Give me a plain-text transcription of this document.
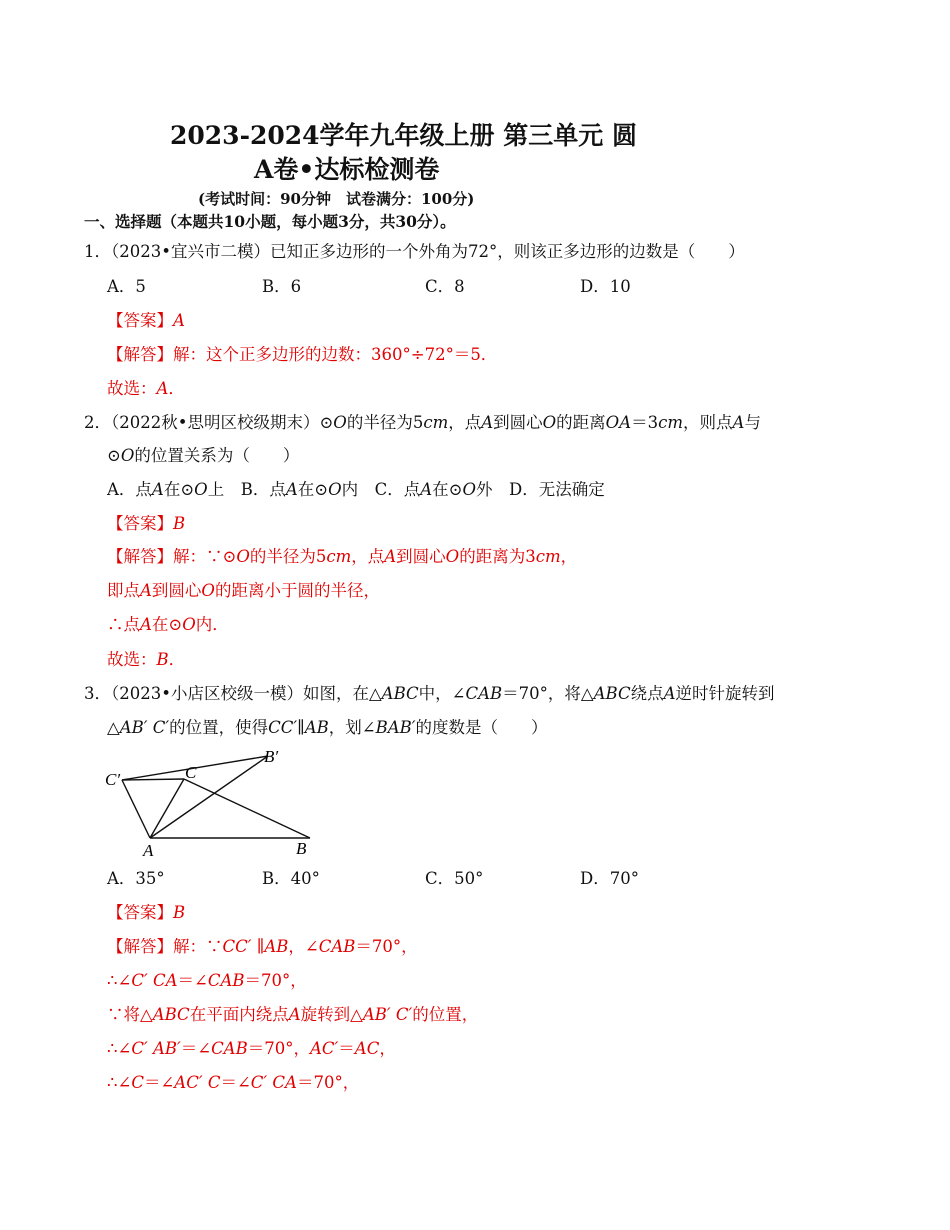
2023-2024学年九年级上册 第三单元 圆
A卷•达标检测卷
(考试时间：90分钟　试卷满分：100分)
一、选择题（本题共10小题，每小题3分，共30分）。
1．（2023•宜兴市二模）已知正多边形的一个外角为72°，则该正多边形的边数是（　　）
A．5	B．6	C．8	D．10
【答案】A
【解答】解：这个正多边形的边数：360°÷72°＝5．
故选：A．
2．（2022秋•思明区校级期末）⊙O的半径为5cm，点A到圆心O的距离OA＝3cm，则点A与
⊙O的位置关系为（　　）
A．点A在⊙O上　B．点A在⊙O内　C．点A在⊙O外　D．无法确定
【答案】B
【解答】解：∵⊙O的半径为5cm，点A到圆心O的距离为3cm，
即点A到圆心O的距离小于圆的半径，
∴点A在⊙O内．
故选：B．
3．（2023•小店区校级一模）如图，在△ABC中，∠CAB＝70°，将△ABC绕点A逆时针旋转到
△AB′ C′的位置，使得CC′∥AB，划∠BAB′的度数是（　　）
A．35°	B．40°	C．50°	D．70°
【答案】B
【解答】解：∵CC′ ∥AB，∠CAB＝70°，
∴∠C′ CA＝∠CAB＝70°，
∵将△ABC在平面内绕点A旋转到△AB′ C′的位置，
∴∠C′ AB′＝∠CAB＝70°，AC′＝AC，
∴∠C＝∠AC′ C＝∠C′ CA＝70°，
C′	C
B′
A	B
